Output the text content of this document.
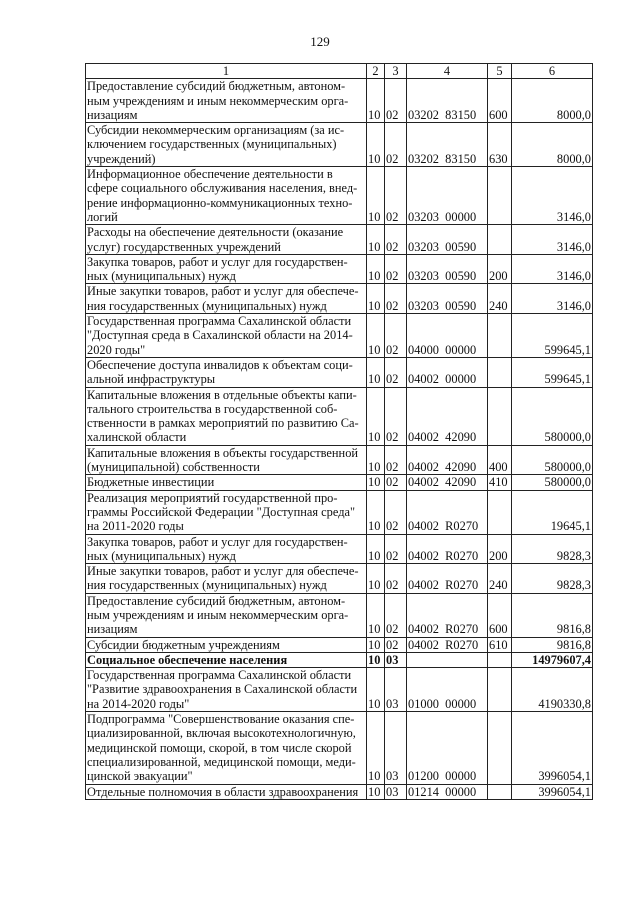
129
1	2	3	4	5	6
Предоставление субсидий бюджетным, автоном-
ным учреждениям и иным некоммерческим орга-
низациям	10	02	03202  83150	600	8000,0
Субсидии некоммерческим организациям (за ис-
ключением государственных (муниципальных)
учреждений)	10	02	03202  83150	630	8000,0
Информационное обеспечение деятельности в
сфере социального обслуживания населения, внед-
рение информационно-коммуникационных техно-
логий	10	02	03203  00000		3146,0
Расходы на обеспечение деятельности (оказание
услуг) государственных учреждений	10	02	03203  00590		3146,0
Закупка товаров, работ и услуг для государствен-
ных (муниципальных) нужд	10	02	03203  00590	200	3146,0
Иные закупки товаров, работ и услуг для обеспече-
ния государственных (муниципальных) нужд	10	02	03203  00590	240	3146,0
Государственная программа Сахалинской области
"Доступная среда в Сахалинской области на 2014-
2020 годы"	10	02	04000  00000		599645,1
Обеспечение доступа инвалидов к объектам соци-
альной инфраструктуры	10	02	04002  00000		599645,1
Капитальные вложения в отдельные объекты капи-
тального строительства в государственной соб-
ственности в рамках мероприятий по развитию Са-
халинской области	10	02	04002  42090		580000,0
Капитальные вложения в объекты государственной
(муниципальной) собственности	10	02	04002  42090	400	580000,0
Бюджетные инвестиции	10	02	04002  42090	410	580000,0
Реализация мероприятий государственной про-
граммы Российской Федерации "Доступная среда"
на 2011-2020 годы	10	02	04002  R0270		19645,1
Закупка товаров, работ и услуг для государствен-
ных (муниципальных) нужд	10	02	04002  R0270	200	9828,3
Иные закупки товаров, работ и услуг для обеспече-
ния государственных (муниципальных) нужд	10	02	04002  R0270	240	9828,3
Предоставление субсидий бюджетным, автоном-
ным учреждениям и иным некоммерческим орга-
низациям	10	02	04002  R0270	600	9816,8
Субсидии бюджетным учреждениям	10	02	04002  R0270	610	9816,8
Социальное обеспечение населения	10	03			14979607,4
Государственная программа Сахалинской области
"Развитие здравоохранения в Сахалинской области
на 2014-2020 годы"	10	03	01000  00000		4190330,8
Подпрограмма "Совершенствование оказания спе-
циализированной, включая высокотехнологичную,
медицинской помощи, скорой, в том числе скорой
специализированной, медицинской помощи, меди-
цинской эвакуации"	10	03	01200  00000		3996054,1
Отдельные полномочия в области здравоохранения	10	03	01214  00000		3996054,1
